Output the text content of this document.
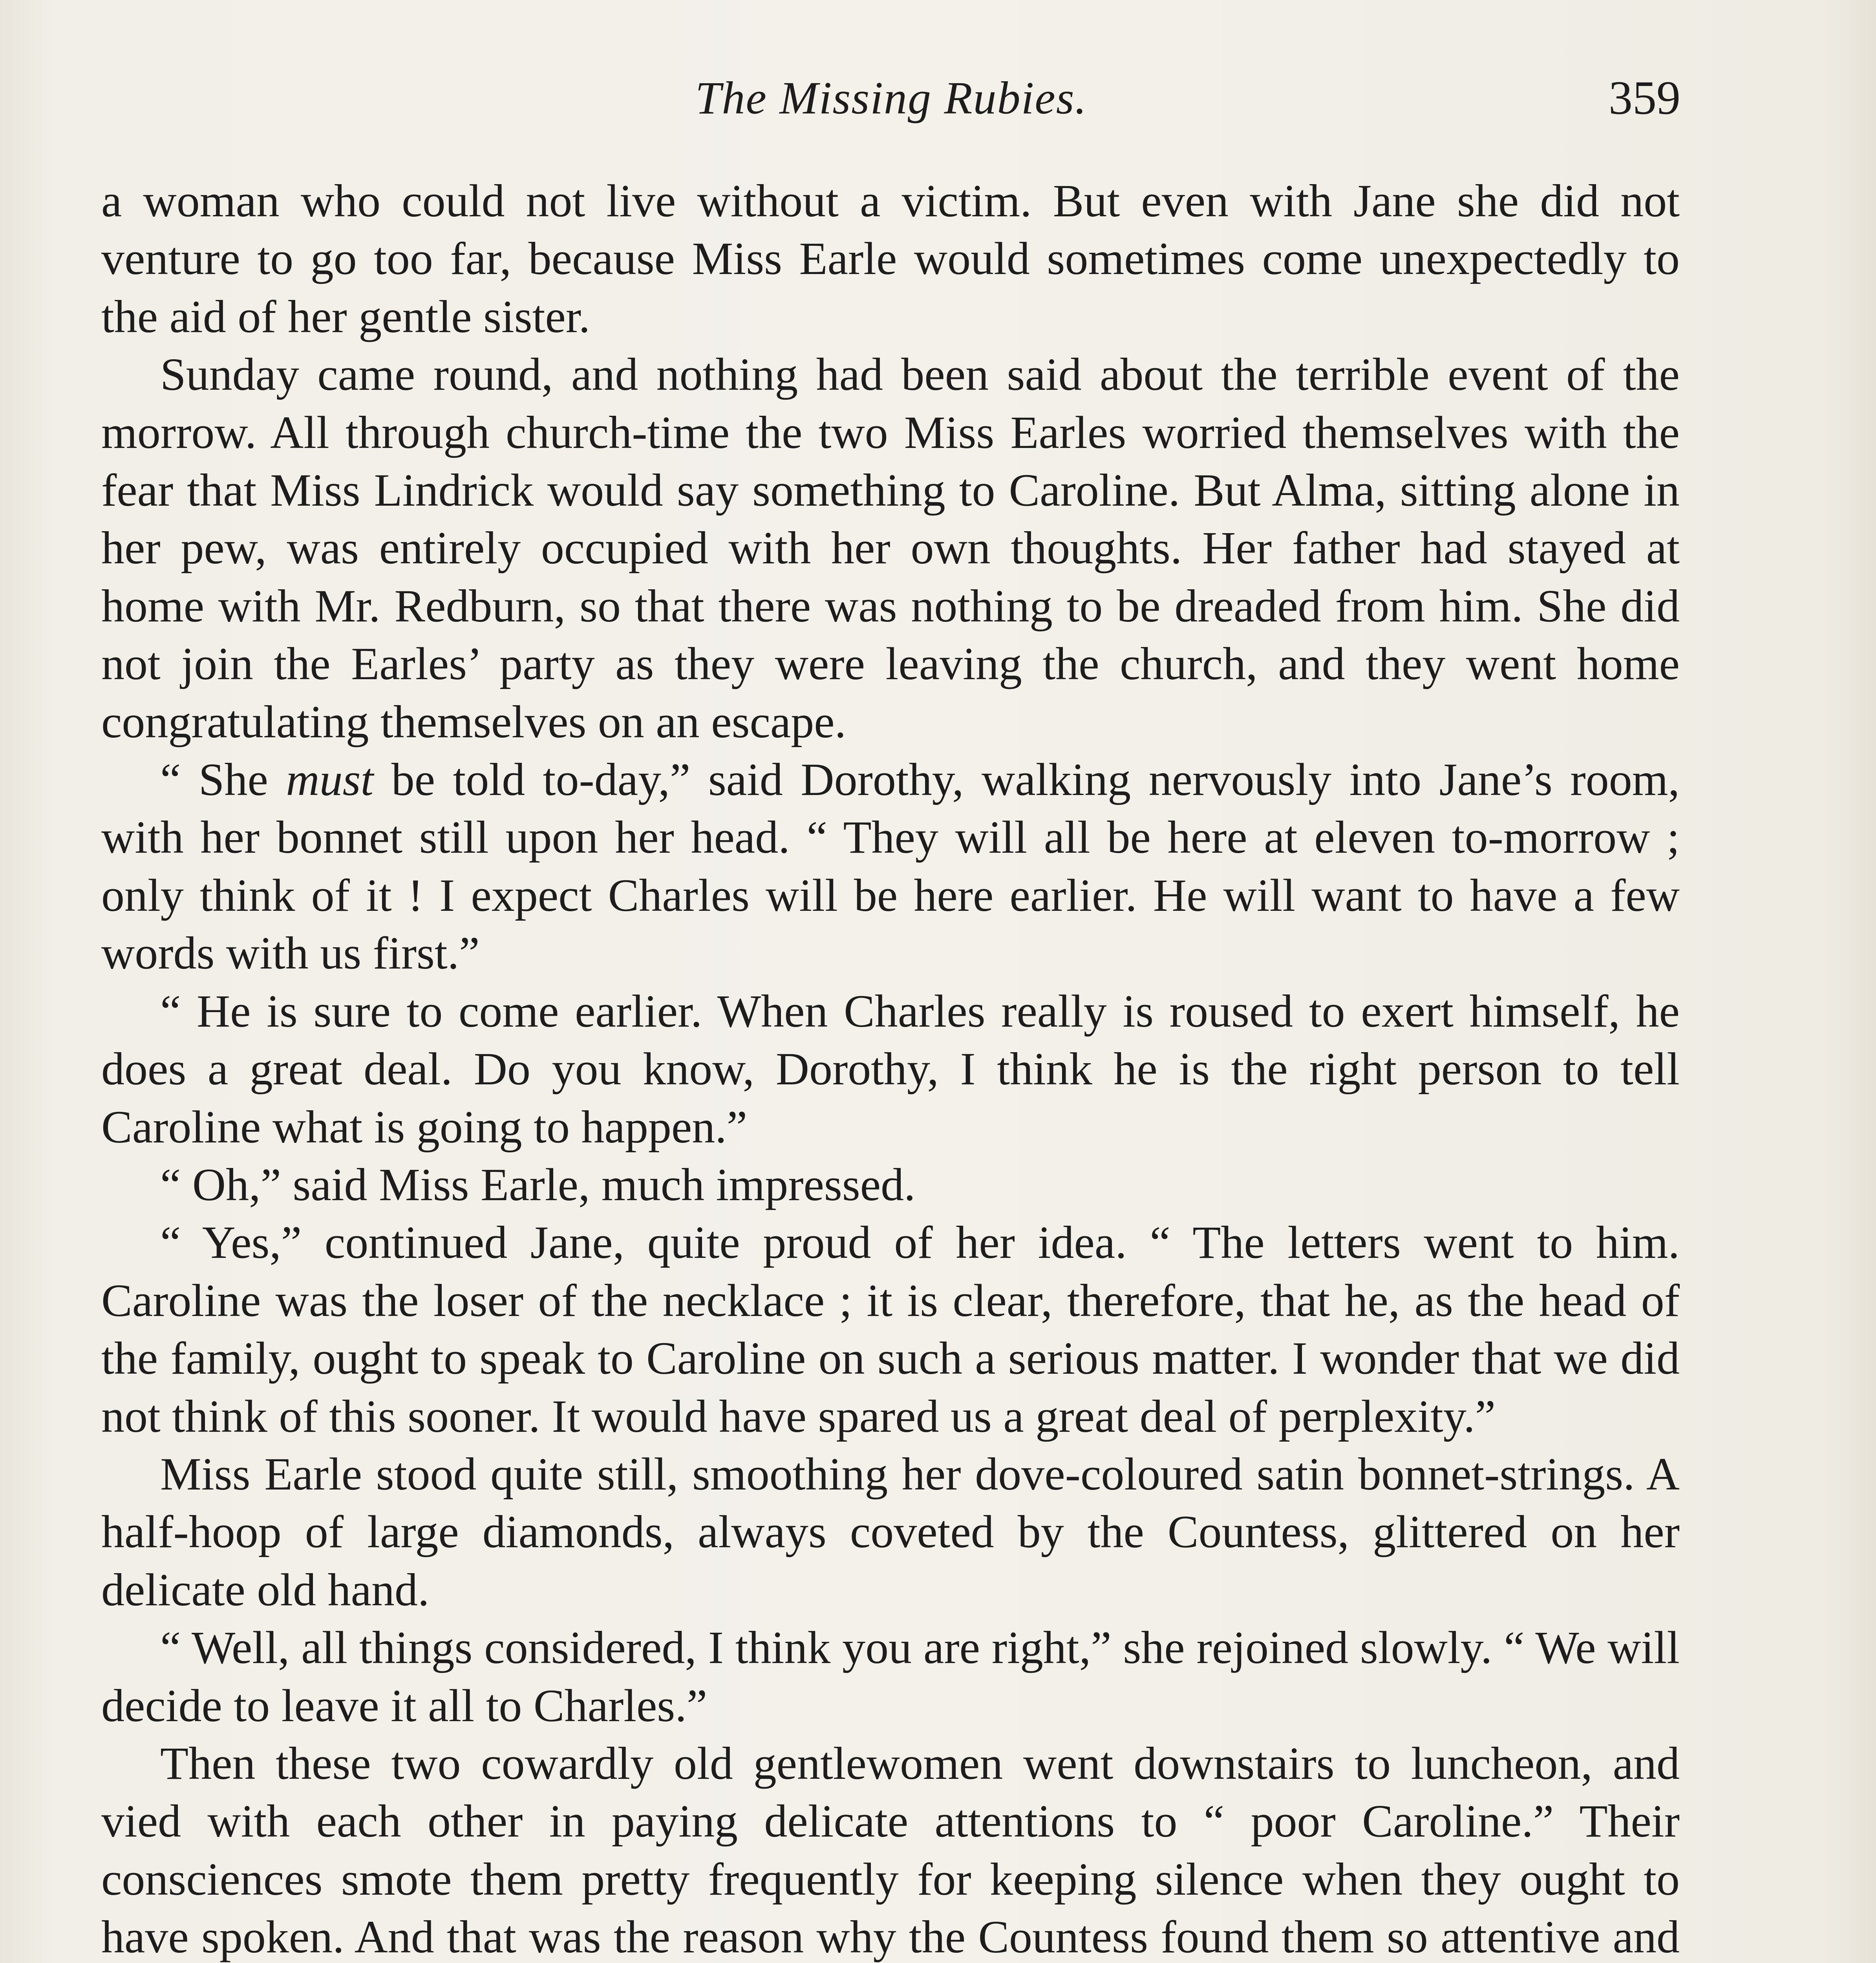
The Missing Rubies.	359

a woman who could not live without a victim. But even with Jane she did not venture to go too far, because Miss Earle would sometimes come unexpectedly to the aid of her gentle sister.

Sunday came round, and nothing had been said about the terrible event of the morrow. All through church-time the two Miss Earles worried themselves with the fear that Miss Lindrick would say something to Caroline. But Alma, sitting alone in her pew, was entirely occupied with her own thoughts. Her father had stayed at home with Mr. Redburn, so that there was nothing to be dreaded from him. She did not join the Earles’ party as they were leaving the church, and they went home congratulating themselves on an escape.

“ She must be told to-day,” said Dorothy, walking nervously into Jane’s room, with her bonnet still upon her head. “ They will all be here at eleven to-morrow ; only think of it ! I expect Charles will be here earlier. He will want to have a few words with us first.”

“ He is sure to come earlier. When Charles really is roused to exert himself, he does a great deal. Do you know, Dorothy, I think he is the right person to tell Caroline what is going to happen.”

“ Oh,” said Miss Earle, much impressed.

“ Yes,” continued Jane, quite proud of her idea. “ The letters went to him. Caroline was the loser of the necklace ; it is clear, therefore, that he, as the head of the family, ought to speak to Caroline on such a serious matter. I wonder that we did not think of this sooner. It would have spared us a great deal of perplexity.”

Miss Earle stood quite still, smoothing her dove-coloured satin bonnet-strings. A half-hoop of large diamonds, always coveted by the Countess, glittered on her delicate old hand.

“ Well, all things considered, I think you are right,” she rejoined slowly. “ We will decide to leave it all to Charles.”

Then these two cowardly old gentlewomen went downstairs to luncheon, and vied with each other in paying delicate attentions to “ poor Caroline.” Their consciences smote them pretty frequently for keeping silence when they ought to have spoken. And that was the reason why the Countess found them so attentive and
